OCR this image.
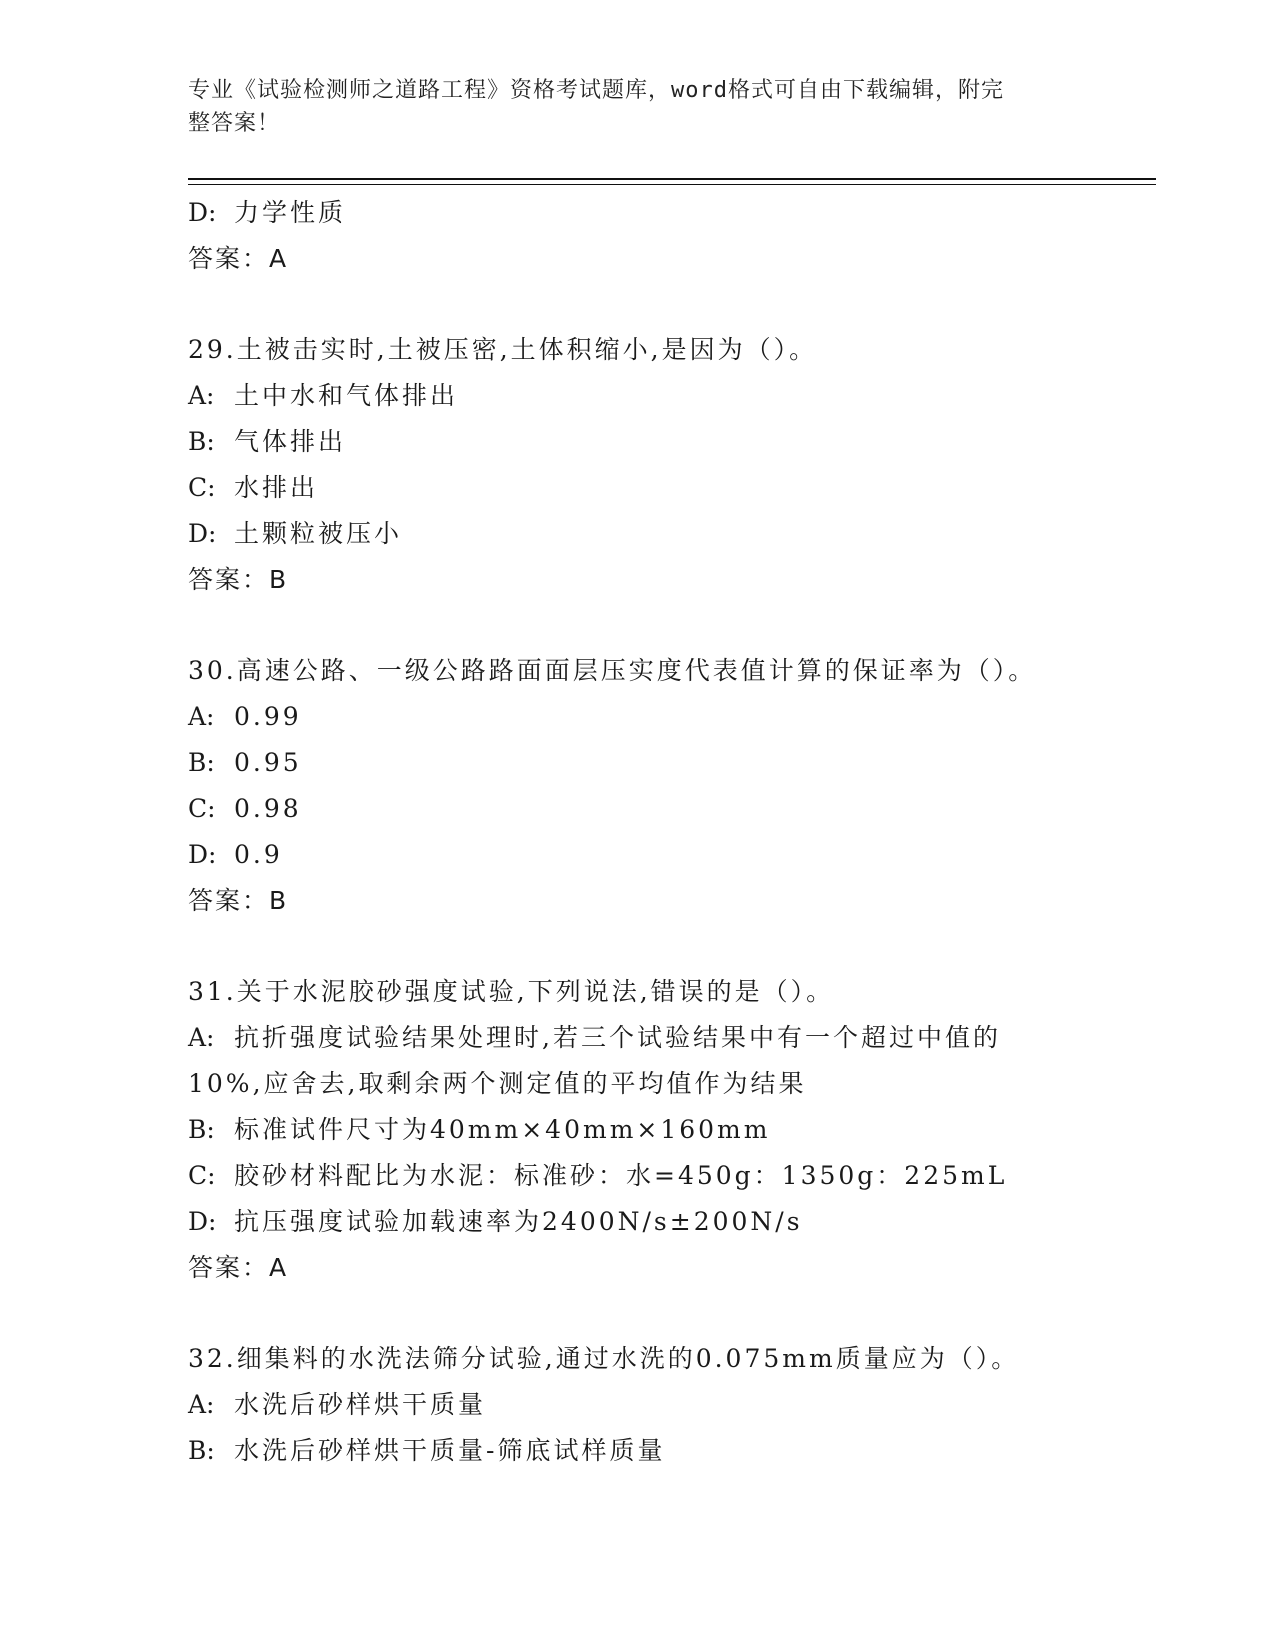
专业《试验检测师之道路工程》资格考试题库，word格式可自由下载编辑，附完
整答案！
D: 力学性质
答案：A
29.土被击实时,土被压密,土体积缩小,是因为（）。
A: 土中水和气体排出
B: 气体排出
C: 水排出
D: 土颗粒被压小
答案：B
30.高速公路、一级公路路面面层压实度代表值计算的保证率为（）。
A: 0.99
B: 0.95
C: 0.98
D: 0.9
答案：B
31.关于水泥胶砂强度试验,下列说法,错误的是（）。
A: 抗折强度试验结果处理时,若三个试验结果中有一个超过中值的
10%,应舍去,取剩余两个测定值的平均值作为结果
B: 标准试件尺寸为40mm×40mm×160mm
C: 胶砂材料配比为水泥：标准砂：水=450g：1350g：225mL
D: 抗压强度试验加载速率为2400N/s±200N/s
答案：A
32.细集料的水洗法筛分试验,通过水洗的0.075mm质量应为（）。
A: 水洗后砂样烘干质量
B: 水洗后砂样烘干质量-筛底试样质量
